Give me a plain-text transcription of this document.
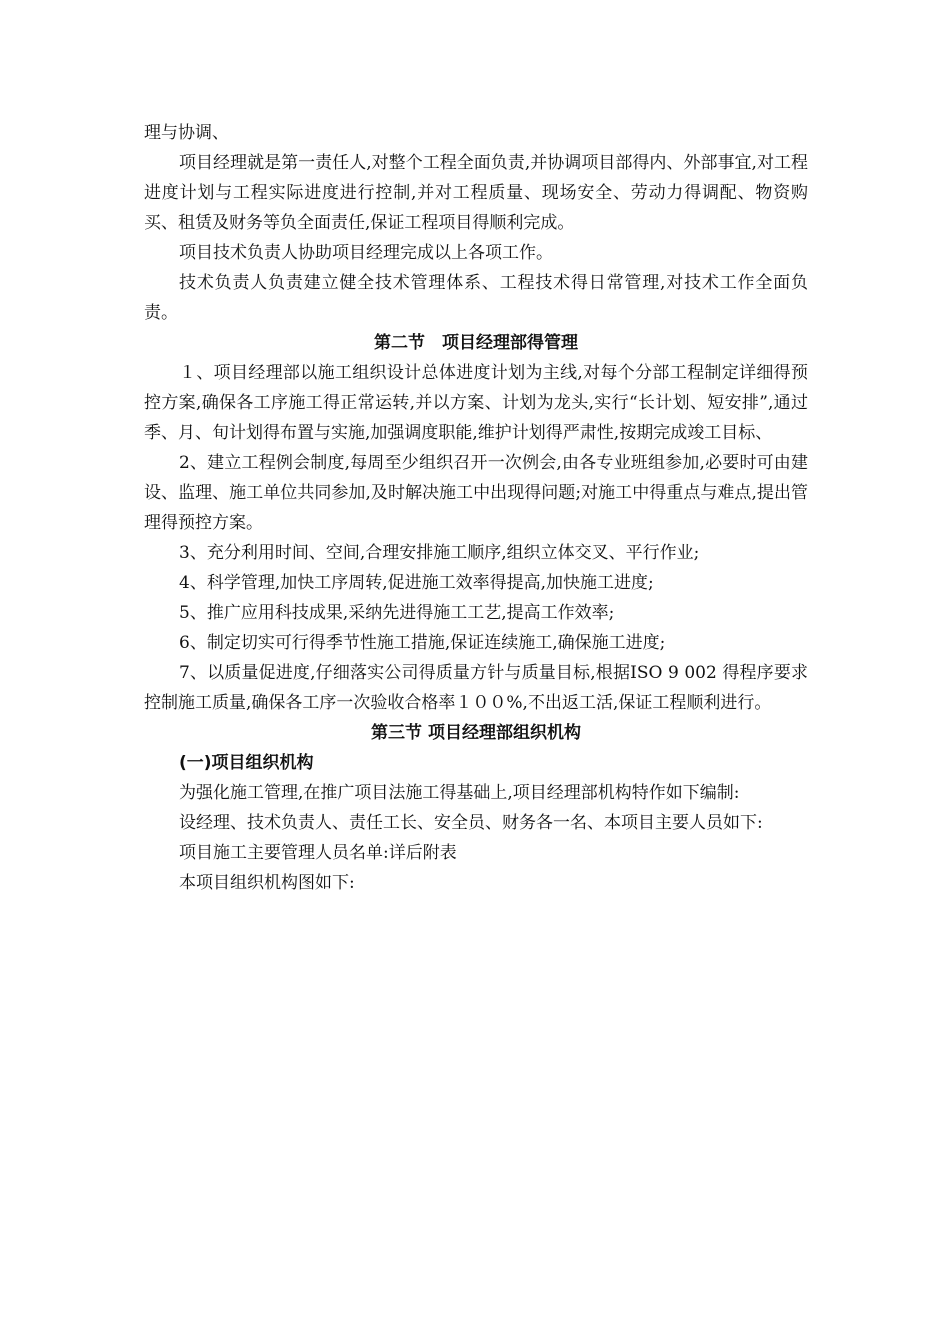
理与协调、

项目经理就是第一责任人,对整个工程全面负责,并协调项目部得内、外部事宜,对工程进度计划与工程实际进度进行控制,并对工程质量、现场安全、劳动力得调配、物资购买、租赁及财务等负全面责任,保证工程项目得顺利完成。

项目技术负责人协助项目经理完成以上各项工作。

技术负责人负责建立健全技术管理体系、工程技术得日常管理,对技术工作全面负责。

第二节　项目经理部得管理

１、项目经理部以施工组织设计总体进度计划为主线,对每个分部工程制定详细得预控方案,确保各工序施工得正常运转,并以方案、计划为龙头,实行“长计划、短安排”,通过季、月、旬计划得布置与实施,加强调度职能,维护计划得严肃性,按期完成竣工目标、

2、建立工程例会制度,每周至少组织召开一次例会,由各专业班组参加,必要时可由建设、监理、施工单位共同参加,及时解决施工中出现得问题;对施工中得重点与难点,提出管理得预控方案。

3、充分利用时间、空间,合理安排施工顺序,组织立体交叉、平行作业;

4、科学管理,加快工序周转,促进施工效率得提高,加快施工进度;

5、推广应用科技成果,采纳先进得施工工艺,提高工作效率;

6、制定切实可行得季节性施工措施,保证连续施工,确保施工进度;

7、以质量促进度,仔细落实公司得质量方针与质量目标,根据ISO 9 002 得程序要求控制施工质量,确保各工序一次验收合格率１００%,不出返工活,保证工程顺利进行。

第三节 项目经理部组织机构
(一)项目组织机构

为强化施工管理,在推广项目法施工得基础上,项目经理部机构特作如下编制:

设经理、技术负责人、责任工长、安全员、财务各一名、本项目主要人员如下:

项目施工主要管理人员名单:详后附表

本项目组织机构图如下:
